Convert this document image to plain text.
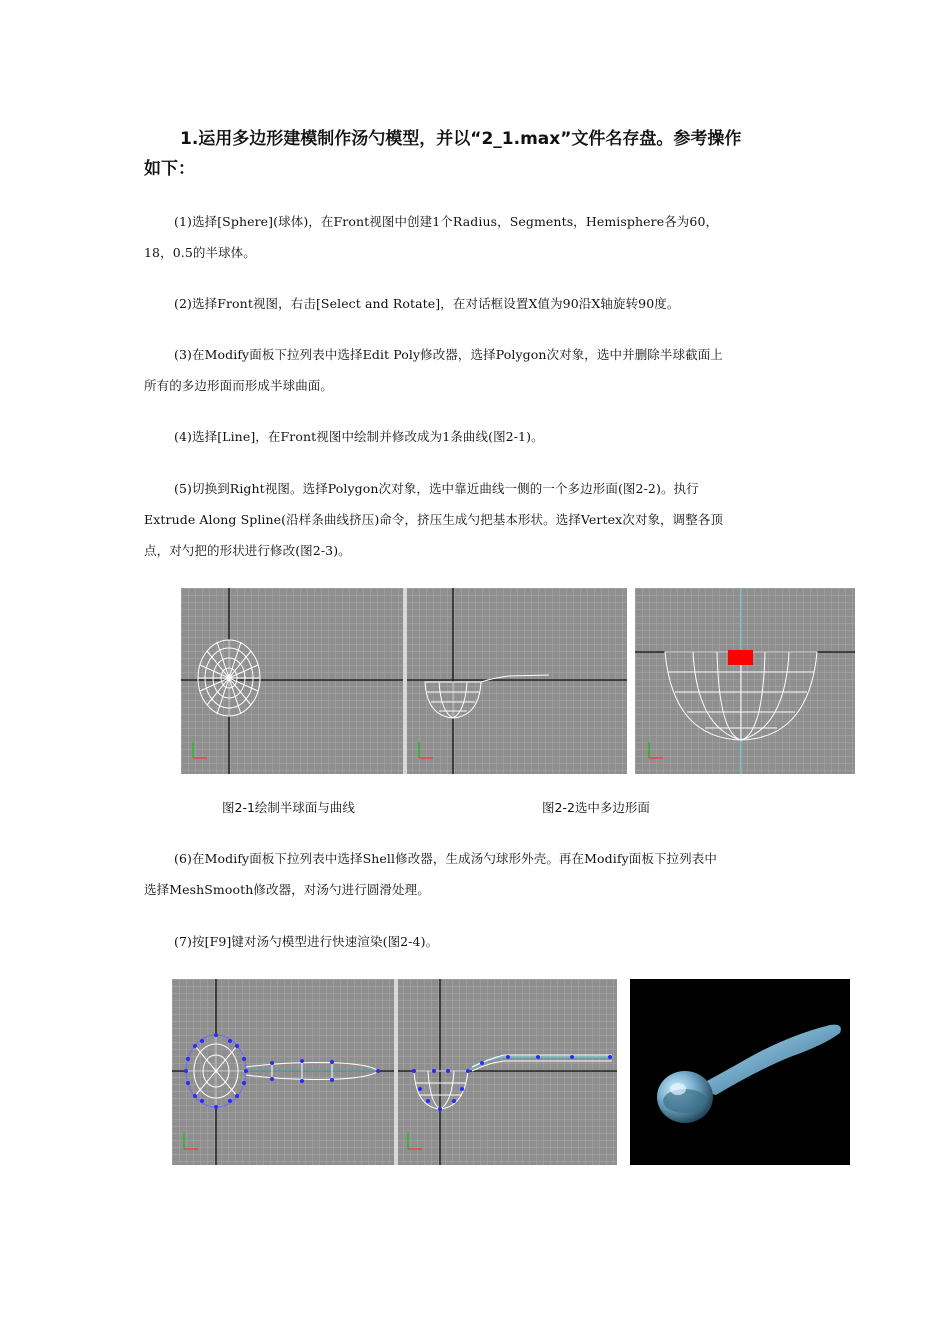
1.运用多边形建模制作汤勺模型，并以“2_1.max”文件名存盘。参考操作
如下：
(1)选择[Sphere](球体)，在Front视图中创建1个Radius，Segments，Hemisphere各为60，
18，0.5的半球体。
(2)选择Front视图，右击[Select and Rotate]，在对话框设置X值为90沿X轴旋转90度。
(3)在Modify面板下拉列表中选择Edit Poly修改器，选择Polygon次对象，选中并删除半球截面上
所有的多边形面而形成半球曲面。
(4)选择[Line]，在Front视图中绘制并修改成为1条曲线(图2-1)。
(5)切换到Right视图。选择Polygon次对象，选中靠近曲线一侧的一个多边形面(图2-2)。执行
Extrude Along Spline(沿样条曲线挤压)命令，挤压生成勺把基本形状。选择Vertex次对象，调整各顶
点，对勺把的形状进行修改(图2-3)。
图2-1绘制半球面与曲线	图2-2选中多边形面
(6)在Modify面板下拉列表中选择Shell修改器，生成汤勺球形外壳。再在Modify面板下拉列表中
选择MeshSmooth修改器，对汤勺进行圆滑处理。
(7)按[F9]键对汤勺模型进行快速渲染(图2-4)。
